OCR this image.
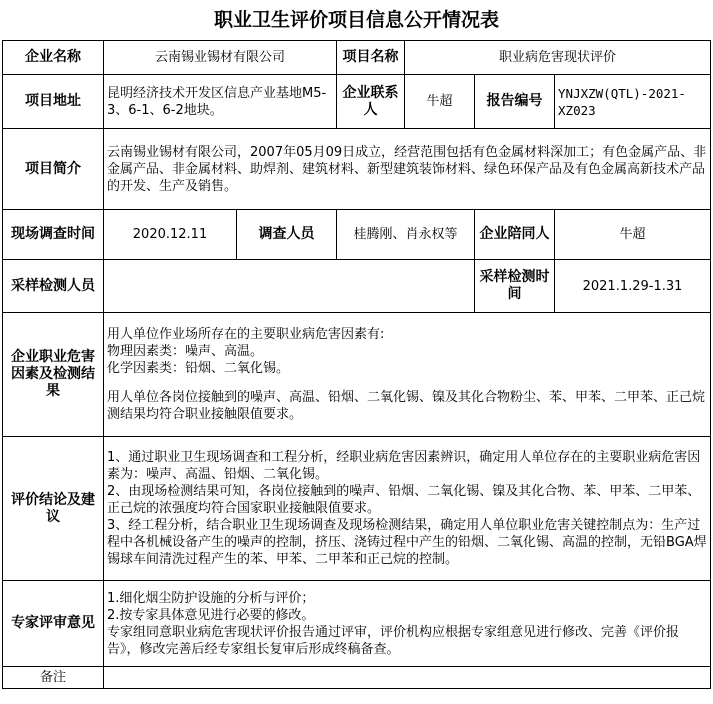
职业卫生评价项目信息公开情况表
企业名称	云南锡业锡材有限公司		项目名称	职业病危害现状评价		
项目地址	昆明经济技术开发区信息产业基地M5-3、6-1、6-2地块。		企业联系人	牛超	报告编号	YNJXZW(QTL)-2021-XZ023
项目简介	云南锡业锡材有限公司，2007年05月09日成立，经营范围包括有色金属材料深加工；有色金属产品、非金属产品、非金属材料、助焊剂、建筑材料、新型建筑装饰材料、绿色环保产品及有色金属高新技术产品的开发、生产及销售。					
现场调查时间	2020.12.11	调查人员	桂腾刚、肖永权等		企业陪同人	牛超
采样检测人员					采样检测时间	2021.1.29-1.31
企业职业危害因素及检测结果	用人单位作业场所存在的主要职业病危害因素有:
物理因素类：噪声、高温。
化学因素类：铅烟、二氧化锡。
用人单位各岗位接触到的噪声、高温、铅烟、二氧化锡、镍及其化合物粉尘、苯、甲苯、二甲苯、正己烷测结果均符合职业接触限值要求。					

评价结论及建议	1、通过职业卫生现场调查和工程分析，经职业病危害因素辨识，确定用人单位存在的主要职业病危害因素为：噪声、高温、铅烟、二氧化锡。
2、由现场检测结果可知，各岗位接触到的噪声、铅烟、二氧化锡、镍及其化合物、苯、甲苯、二甲苯、正己烷的浓强度均符合国家职业接触限值要求。
3、经工程分析，结合职业卫生现场调查及现场检测结果，确定用人单位职业危害关键控制点为：生产过程中各机械设备产生的噪声的控制，挤压、浇铸过程中产生的铅烟、二氧化锡、高温的控制，无铅BGA焊锡球车间清洗过程产生的苯、甲苯、二甲苯和正己烷的控制。					

专家评审意见	1.细化烟尘防护设施的分析与评价；
2.按专家具体意见进行必要的修改。
专家组同意职业病危害现状评价报告通过评审，评价机构应根据专家组意见进行修改、完善《评价报告》，修改完善后经专家组长复审后形成终稿备查。					

备注						
